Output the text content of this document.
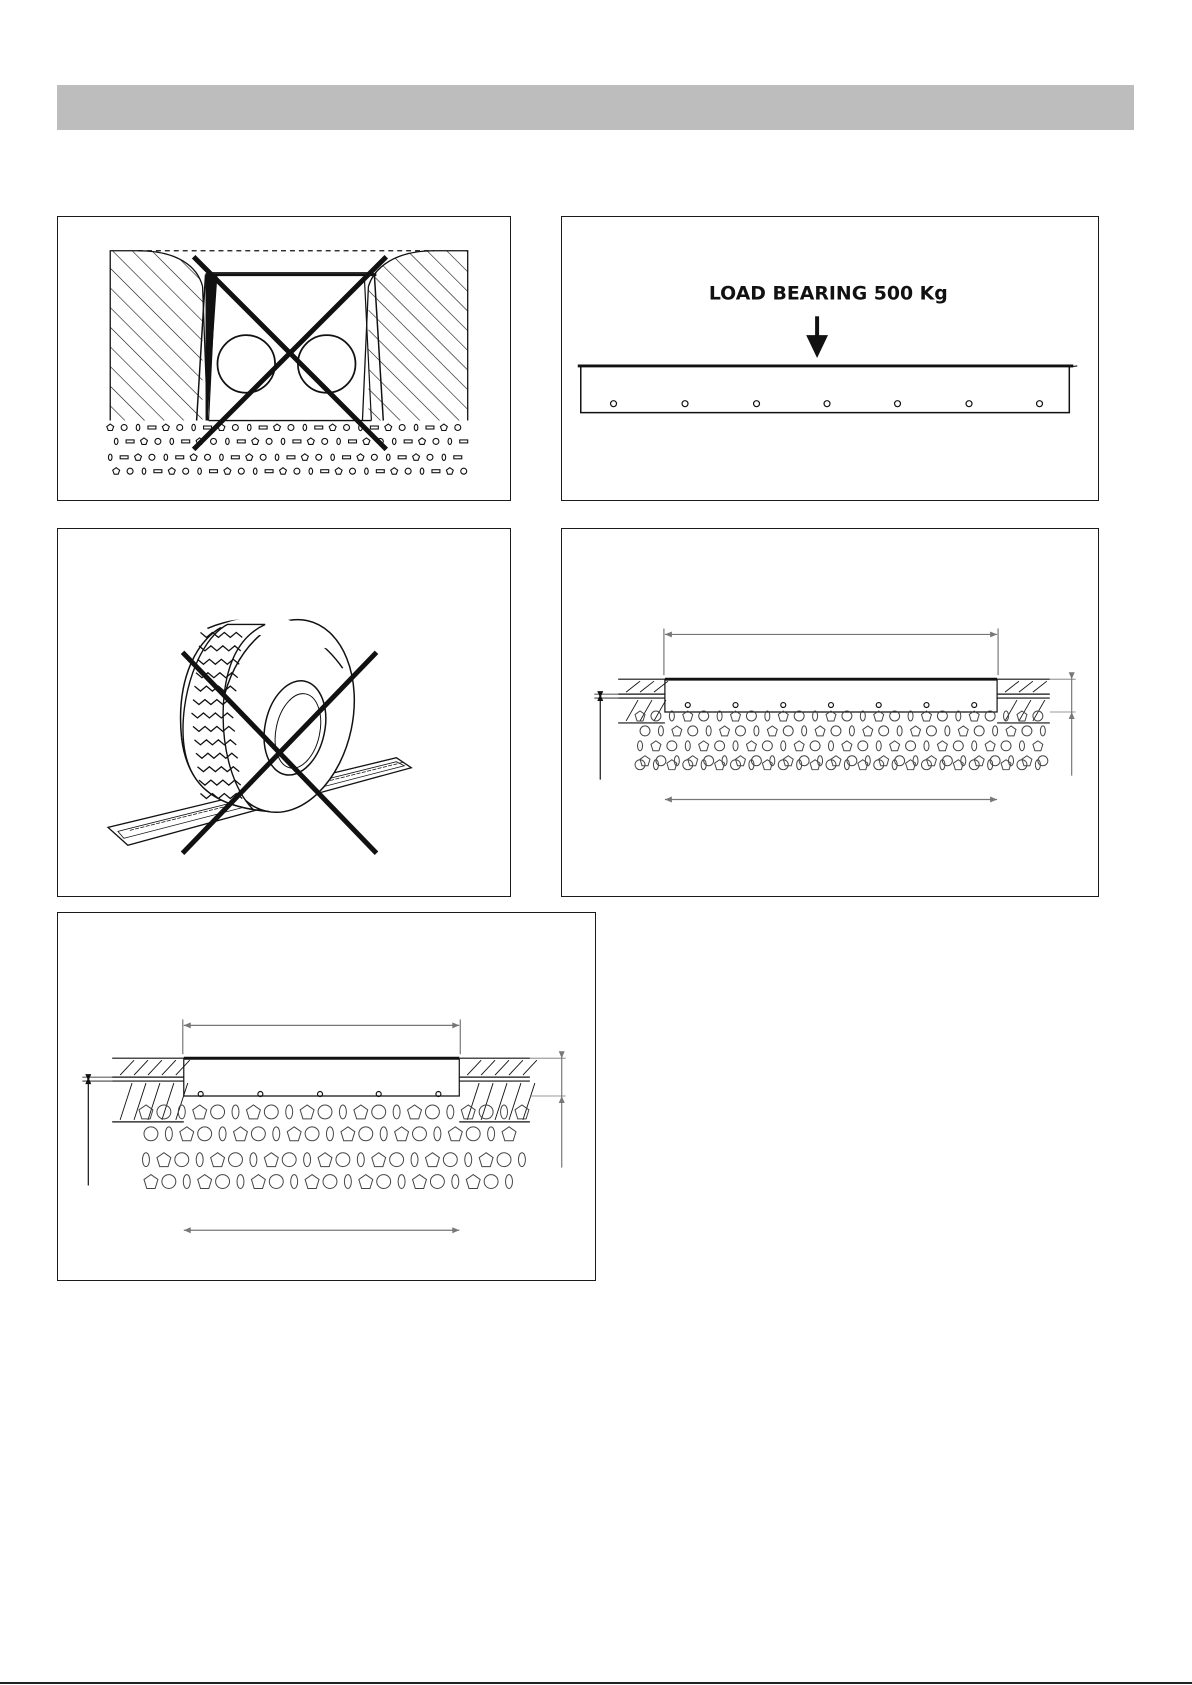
LOAD BEARING 500 Kg
